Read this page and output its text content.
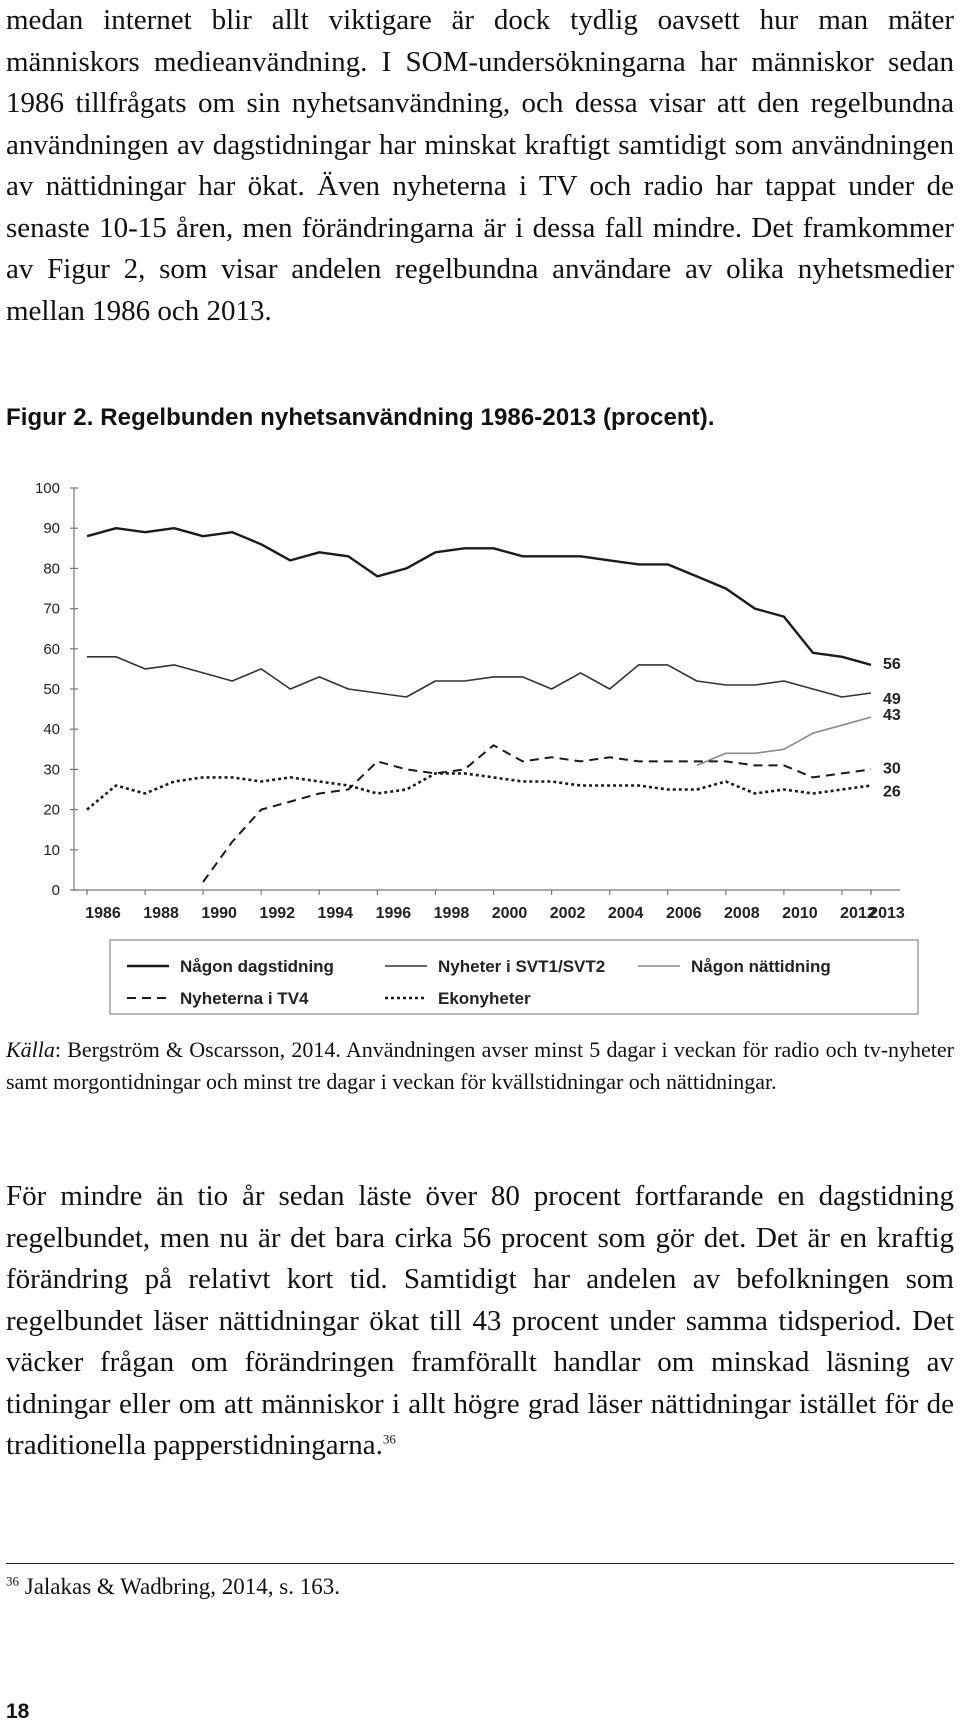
medan internet blir allt viktigare är dock tydlig oavsett hur man mäter människors medieanvändning. I SOM-undersökningarna har människor sedan 1986 tillfrågats om sin nyhetsanvändning, och dessa visar att den regelbundna användningen av dagstidningar har minskat kraftigt samtidigt som användningen av nättidningar har ökat. Även nyheterna i TV och radio har tappat under de senaste 10-15 åren, men förändringarna är i dessa fall mindre. Det framkommer av Figur 2, som visar andelen regelbundna användare av olika nyhetsmedier mellan 1986 och 2013.
Figur 2. Regelbunden nyhetsanvändning 1986-2013 (procent).
0
10
20
30
40
50
60
70
80
90
100
1986 1988 1990 1992 1994 1996 1998 2000 2002 2004 2006 2008 2010 2012
2013
56
49
43
30
26
Någon dagstidning	Nyheter i SVT1/SVT2	Någon nättidning
Nyheterna i TV4	Ekonyheter
Källa: Bergström & Oscarsson, 2014. Användningen avser minst 5 dagar i veckan för radio och tv-nyheter samt morgontidningar och minst tre dagar i veckan för kvällstidningar och nättidningar.
För mindre än tio år sedan läste över 80 procent fortfarande en dagstidning regelbundet, men nu är det bara cirka 56 procent som gör det. Det är en kraftig förändring på relativt kort tid. Samtidigt har andelen av befolkningen som regelbundet läser nättidningar ökat till 43 procent under samma tidsperiod. Det väcker frågan om förändringen framförallt handlar om minskad läsning av tidningar eller om att människor i allt högre grad läser nättidningar istället för de traditionella papperstidningarna.$^{36}$
$^{36}$ Jalakas & Wadbring, 2014, s. 163.
18
